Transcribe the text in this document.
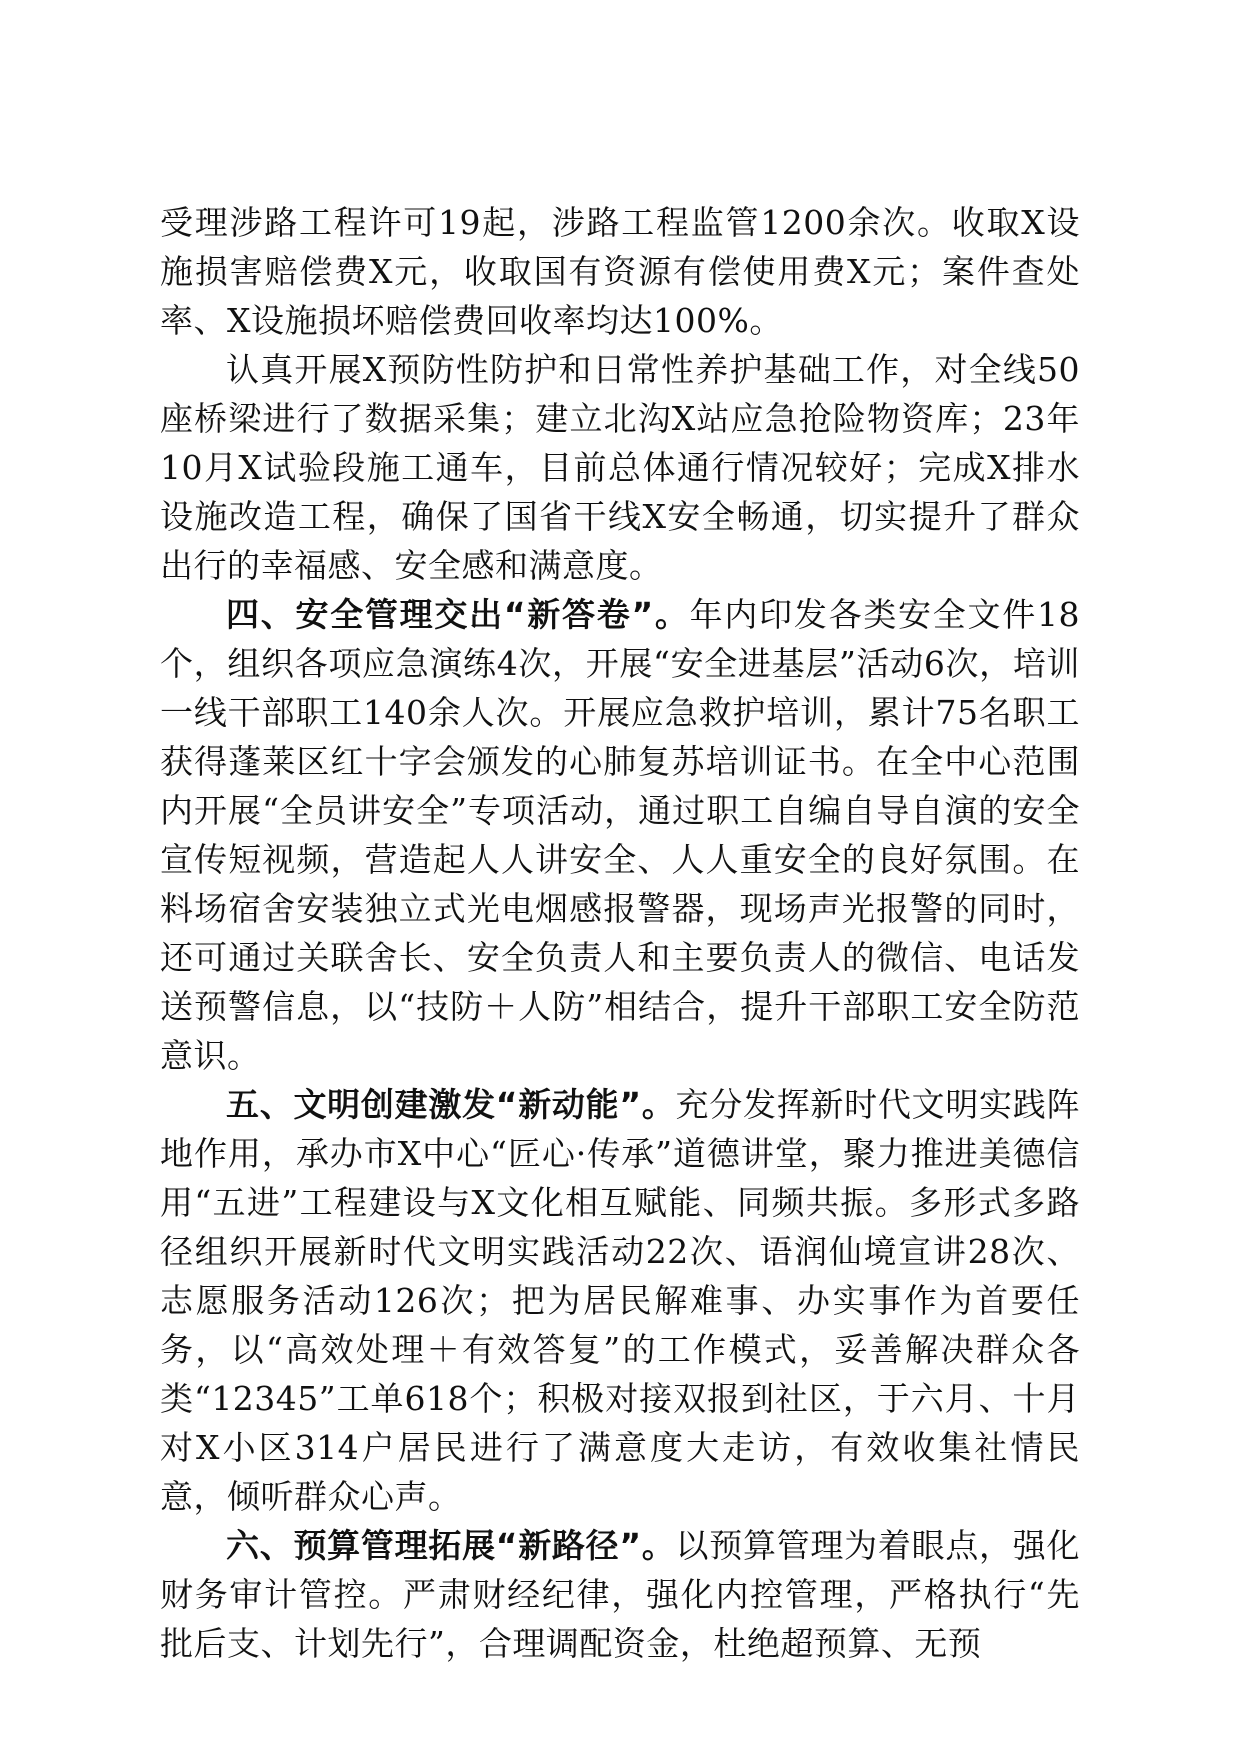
受理涉路工程许可19起，涉路工程监管1200余次。收取X设施损害赔偿费X元，收取国有资源有偿使用费X元；案件查处率、X设施损坏赔偿费回收率均达100%。

认真开展X预防性防护和日常性养护基础工作，对全线50座桥梁进行了数据采集；建立北沟X站应急抢险物资库；23年10月X试验段施工通车，目前总体通行情况较好；完成X排水设施改造工程，确保了国省干线X安全畅通，切实提升了群众出行的幸福感、安全感和满意度。

四、安全管理交出“新答卷”。年内印发各类安全文件18个，组织各项应急演练4次，开展“安全进基层”活动6次，培训一线干部职工140余人次。开展应急救护培训，累计75名职工获得蓬莱区红十字会颁发的心肺复苏培训证书。在全中心范围内开展“全员讲安全”专项活动，通过职工自编自导自演的安全宣传短视频，营造起人人讲安全、人人重安全的良好氛围。在料场宿舍安装独立式光电烟感报警器，现场声光报警的同时，还可通过关联舍长、安全负责人和主要负责人的微信、电话发送预警信息，以“技防＋人防”相结合，提升干部职工安全防范意识。

五、文明创建激发“新动能”。充分发挥新时代文明实践阵地作用，承办市X中心“匠心·传承”道德讲堂，聚力推进美德信用“五进”工程建设与X文化相互赋能、同频共振。多形式多路径组织开展新时代文明实践活动22次、语润仙境宣讲28次、志愿服务活动126次；把为居民解难事、办实事作为首要任务，以“高效处理＋有效答复”的工作模式，妥善解决群众各类“12345”工单618个；积极对接双报到社区，于六月、十月对X小区314户居民进行了满意度大走访，有效收集社情民意，倾听群众心声。

六、预算管理拓展“新路径”。以预算管理为着眼点，强化财务审计管控。严肃财经纪律，强化内控管理，严格执行“先批后支、计划先行”，合理调配资金，杜绝超预算、无预
